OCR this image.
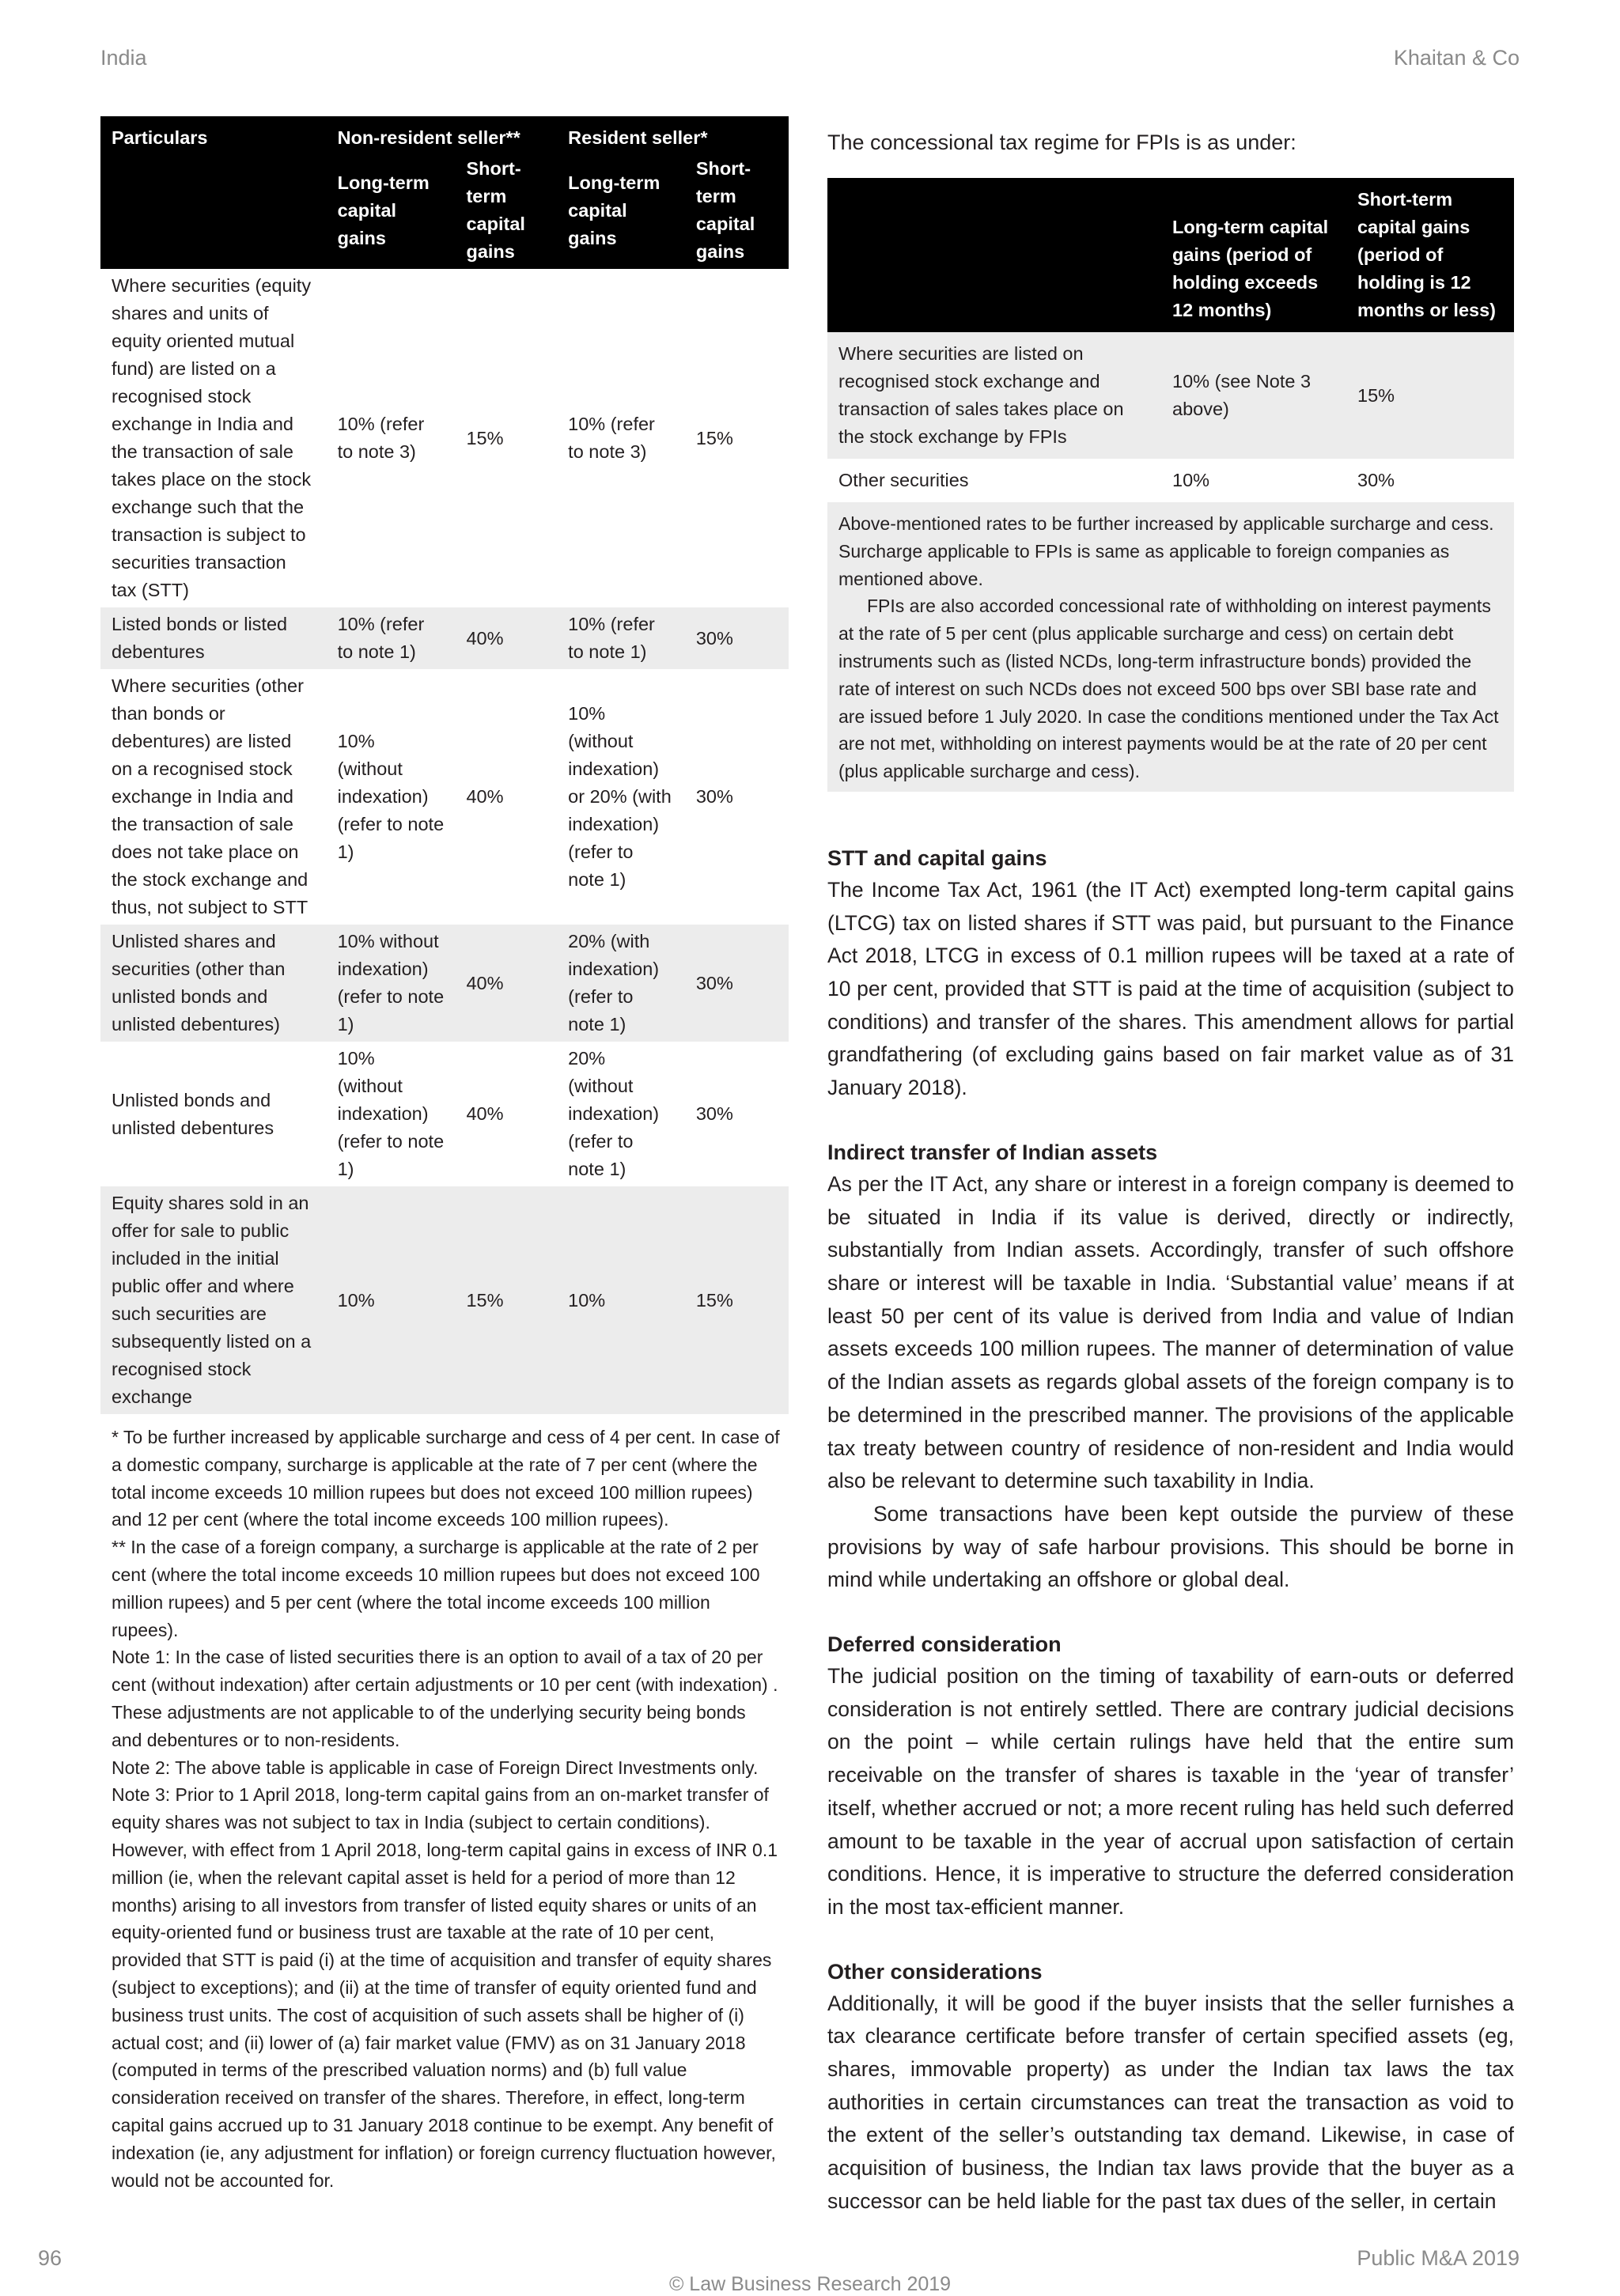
India	Khaitan & Co
Particulars	Non-resident seller**		Resident seller*	
	Long-term capital gains	Short-term capital gains	Long-term capital gains	Short-term capital gains
Where securities (equity shares and units of equity oriented mutual fund) are listed on a recognised stock exchange in India and the transaction of sale takes place on the stock exchange such that the transaction is subject to securities transaction tax (STT)	10% (refer to note 3)	15%	10% (refer to note 3)	15%
Listed bonds or listed debentures	10% (refer to note 1)	40%	10% (refer to note 1)	30%
Where securities (other than bonds or debentures) are listed on a recognised stock exchange in India and the transaction of sale does not take place on the stock exchange and thus, not subject to STT	10% (without indexation) (refer to note 1)	40%	10% (without indexation) or 20% (with indexation) (refer to note 1)	30%
Unlisted shares and securities (other than unlisted bonds and unlisted debentures)	10% without indexation) (refer to note 1)	40%	20% (with indexation) (refer to note 1)	30%
Unlisted bonds and unlisted debentures	10% (without indexation) (refer to note 1)	40%	20% (without indexation) (refer to note 1)	30%
Equity shares sold in an offer for sale to public included in the initial public offer and where such securities are subsequently listed on a recognised stock exchange	10%	15%	10%	15%

* To be further increased by applicable surcharge and cess of 4 per cent. In case of a domestic company, surcharge is applicable at the rate of 7 per cent (where the total income exceeds 10 million rupees but does not exceed 100 million rupees) and 12 per cent (where the total income exceeds 100 million rupees).

** In the case of a foreign company, a surcharge is applicable at the rate of 2 per cent (where the total income exceeds 10 million rupees but does not exceed 100 million rupees) and 5 per cent (where the total income exceeds 100 million rupees).

Note 1: In the case of listed securities there is an option to avail of a tax of 20 per cent (without indexation) after certain adjustments or 10 per cent (with indexation) . These adjustments are not applicable to of the underlying security being bonds and debentures or to non-residents.

Note 2: The above table is applicable in case of Foreign Direct Investments only.

Note 3: Prior to 1 April 2018, long-term capital gains from an on-market transfer of equity shares was not subject to tax in India (subject to certain conditions). However, with effect from 1 April 2018, long-term capital gains in excess of INR 0.1 million (ie, when the relevant capital asset is held for a period of more than 12 months) arising to all investors from transfer of listed equity shares or units of an equity-oriented fund or business trust are taxable at the rate of 10 per cent, provided that STT is paid (i) at the time of acquisition and transfer of equity shares (subject to exceptions); and (ii) at the time of transfer of equity oriented fund and business trust units. The cost of acquisition of such assets shall be higher of (i) actual cost; and (ii) lower of (a) fair market value (FMV) as on 31 January 2018 (computed in terms of the prescribed valuation norms) and (b) full value consideration received on transfer of the shares. Therefore, in effect, long-term capital gains accrued up to 31 January 2018 continue to be exempt. Any benefit of indexation (ie, any adjustment for inflation) or foreign currency fluctuation however, would not be accounted for.

The concessional tax regime for FPIs is as under:

	Long-term capital gains (period of holding exceeds 12 months)	Short-term capital gains (period of holding is 12 months or less)
Where securities are listed on recognised stock exchange and transaction of sales takes place on the stock exchange by FPIs	10% (see Note 3 above)	15%
Other securities	10%	30%

Above-mentioned rates to be further increased by applicable surcharge and cess. Surcharge applicable to FPIs is same as applicable to foreign companies as mentioned above.

FPIs are also accorded concessional rate of withholding on interest payments at the rate of 5 per cent (plus applicable surcharge and cess) on certain debt instruments such as (listed NCDs, long-term infrastructure bonds) provided the rate of interest on such NCDs does not exceed 500 bps over SBI base rate and are issued before 1 July 2020. In case the conditions mentioned under the Tax Act are not met, withholding on interest payments would be at the rate of 20 per cent (plus applicable surcharge and cess).

STT and capital gains

The Income Tax Act, 1961 (the IT Act) exempted long-term capital gains (LTCG) tax on listed shares if STT was paid, but pursuant to the Finance Act 2018, LTCG in excess of 0.1 million rupees will be taxed at a rate of 10 per cent, provided that STT is paid at the time of acquisition (subject to conditions) and transfer of the shares. This amendment allows for partial grandfathering (of excluding gains based on fair market value as of 31 January 2018).

Indirect transfer of Indian assets

As per the IT Act, any share or interest in a foreign company is deemed to be situated in India if its value is derived, directly or indirectly, substantially from Indian assets. Accordingly, transfer of such offshore share or interest will be taxable in India. ‘Substantial value’ means if at least 50 per cent of its value is derived from India and value of Indian assets exceeds 100 million rupees. The manner of determination of value of the Indian assets as regards global assets of the foreign company is to be determined in the prescribed manner. The provisions of the applicable tax treaty between country of residence of non-resident and India would also be relevant to determine such taxability in India.

Some transactions have been kept outside the purview of these provisions by way of safe harbour provisions. This should be borne in mind while undertaking an offshore or global deal.

Deferred consideration

The judicial position on the timing of taxability of earn-outs or deferred consideration is not entirely settled. There are contrary judicial decisions on the point – while certain rulings have held that the entire sum receivable on the transfer of shares is taxable in the ‘year of transfer’ itself, whether accrued or not; a more recent ruling has held such deferred amount to be taxable in the year of accrual upon satisfaction of certain conditions. Hence, it is imperative to structure the deferred consideration in the most tax-efficient manner.

Other considerations

Additionally, it will be good if the buyer insists that the seller furnishes a tax clearance certificate before transfer of certain specified assets (eg, shares, immovable property) as under the Indian tax laws the tax authorities in certain circumstances can treat the transaction as void to the extent of the seller’s outstanding tax demand. Likewise, in case of acquisition of business, the Indian tax laws provide that the buyer as a successor can be held liable for the past tax dues of the seller, in certain

96	Public M&A 2019
© Law Business Research 2019
